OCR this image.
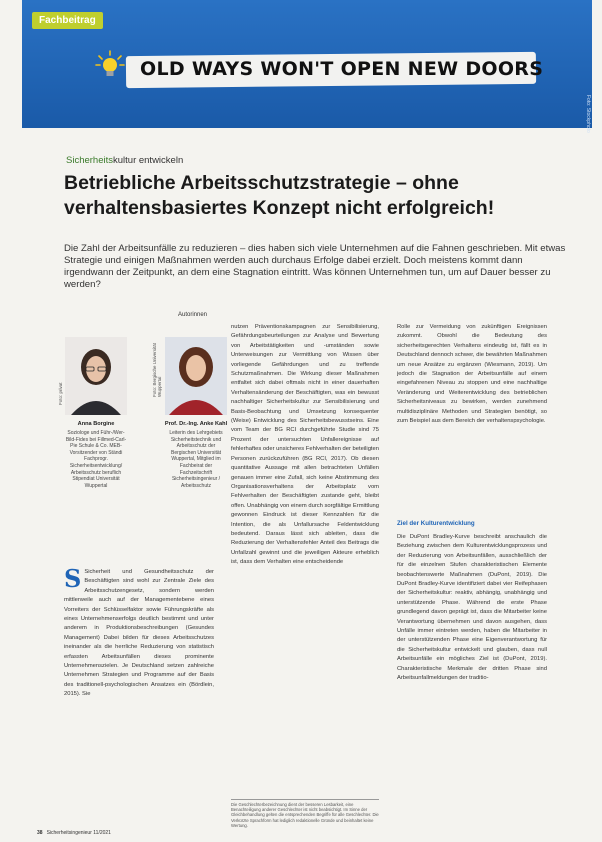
Fachbeitrag
OLD WAYS WON'T OPEN NEW DOORS
Foto: Stockphoto
Sicherheitskultur entwickeln
Betriebliche Arbeitsschutzstrategie – ohne verhaltensbasiertes Konzept nicht erfolgreich!
Die Zahl der Arbeitsunfälle zu reduzieren – dies haben sich viele Unternehmen auf die Fahnen geschrieben. Mit etwas Strategie und einigen Maßnahmen werden auch durchaus Erfolge dabei erzielt. Doch meistens kommt dann irgendwann der Zeitpunkt, an dem eine Stagnation eintritt. Was können Unternehmen tun, um auf Dauer besser zu werden?
Autorinnen
Foto: privat	Foto: Bergische Universität Wuppertal
Anna Borgine
Soziologe und Führ-/Wer-Bild-Fides bei Fillmed-Carl-Pie Schule & Co. MEB- Vorsitzender von Ständi Fachprogr. Sicherheitsentwicklung/ Arbeitsschutz beruflich Stipendiat Universität Wuppertal
Prof. Dr.-Ing. Anke Kahl
Leiterin des Lehrgebiets Sicherheitstechnik und Arbeitsschutz der Bergischen Universität Wuppertal, Mitglied im Fachbeirat der Fachzeitschrift Sicherheitsingenieur / Arbeitsschutz
S Sicherheit und Gesundheitsschutz der Beschäftigten sind wohl zur Zentrale Ziele des Arbeitsschutzengesetz, sondern werden mittlerweile auch auf der Managementebene eines Vorreiters der Schlüsselfaktor sowie Führungskräfte als eines Unternehmenserfolgs deutlich bestimmt und unter anderem in Produktionsbeschreibungen (Gesundes Management) Dabei bilden für dieses Arbeitsschutzes ineinander als die herrliche Reduzierung von statistisch erfassten Arbeitsunfällen dieses prominente Unternehmenszielen. Je Deutschland setzen zahlreiche Unternehmen Strategien und Programme auf der Basis des traditionell-psychologischen Ansatzes ein (Bördlein, 2015). Sie
nutzen Präventionskampagnen zur Sensibilisierung, Gefährdungsbeurteilungen zur Analyse und Bewertung von Arbeitstätigkeiten und -umständen sowie Unterweisungen zur Vermittlung von Wissen über vorliegende Gefährdungen und zu treffende Schutzmaßnahmen. Die Wirkung dieser Maßnahmen entfaltet sich dabei oftmals nicht in einer dauerhaften Verhaltensänderung der Beschäftigten, was ein bewusst nachhaltiger Sicherheitskultur zur Sensibilisierung und Basis-Beobachtung und Umsetzung konsequenter (Weise) Entwicklung des Sicherheitsbewusstseins. Eine vom Team der BG RCI durchgeführte Studie sind 75 Prozent der untersuchten Unfallereignisse auf fehlerhaftes oder unsicheres Fehlverhalten der beteiligten Personen zurückzuführen (BG RCI, 2017). Ob diesen quantitative Aussage mit allen betrachteten Unfällen genauen immer eine Zufall, sich keine Abstimmung des Organisationsverhaltens der Arbeitsplatz vom Fehlverhalten der Beschäftigten zustande geht, bleibt offen. Unabhängig von einem durch sorgfältige Ermittlung gewonnen Eindruck ist dieser Kennzahlen für die Intention, die als Unfallursache Feldentwicklung bedeutend. Daraus lässt sich ableiten, dass die Reduzierung der Verhaltensfehler Anteil des Beitrags die Unfallzahl gewinnt und die jeweiligen Akteure erheblich ist, dass dem Verhalten eine entscheidende
Rolle zur Vermeidung von zukünftigen Ereignissen zukommt. Obwohl die Bedeutung des sicherheitsgerechten Verhaltens eindeutig ist, fällt es in Deutschland dennoch schwer, die bewährten Maßnahmen um neue Ansätze zu ergänzen (Wiesmann, 2019). Um jedoch die Stagnation der Arbeitsunfälle auf einem eingefahrenen Niveau zu stoppen und eine nachhaltige Veränderung und Weiterentwicklung des betrieblichen Sicherheitsniveaus zu bewirken, werden zunehmend multidisziplinäre Methoden und Strategien benötigt, so zum Beispiel aus dem Bereich der verhaltenspsychologie.
Ziel der Kulturentwicklung
Die DuPont Bradley-Kurve beschreibt anschaulich die Beziehung zwischen dem Kulturentwicklungsprozess und der Reduzierung von Arbeitsunfällen, ausschließlich der für die einzelnen Stufen charakteristischen Elemente beobachtenswerte Maßnahmen (DuPont, 2019). Die DuPont Bradley-Kurve identifiziert dabei vier Reifephasen der Sicherheitskultur: reaktiv, abhängig, unabhängig und unterstützende Phase. Während die erste Phase grundlegend davon geprägt ist, dass die Mitarbeiter keine Verantwortung übernehmen und davon ausgehen, dass Unfälle immer eintreten werden, haben die Mitarbeiter in der unterstützenden Phase eine Eigenverantwortung für die Sicherheitskultur entwickelt und glauben, dass null Arbeitsunfälle ein mögliches Ziel ist (DuPont, 2019). Charakteristische Merkmale der dritten Phase sind Arbeitsunfallmeldungen der traditio-
Die Geschlechterbezeichnung dient der besseren Lesbarkeit, eine Benachteiligung anderer Geschlechter ist nicht beabsichtigt. Im Sinne der Gleichbehandlung gelten die entsprechenden Begriffe für alle Geschlechter. Die Verkürzte Sprachform hat lediglich redaktionelle Gründe und beinhaltet keine Wertung.
38 Sicherheitsingenieur 11/2021
